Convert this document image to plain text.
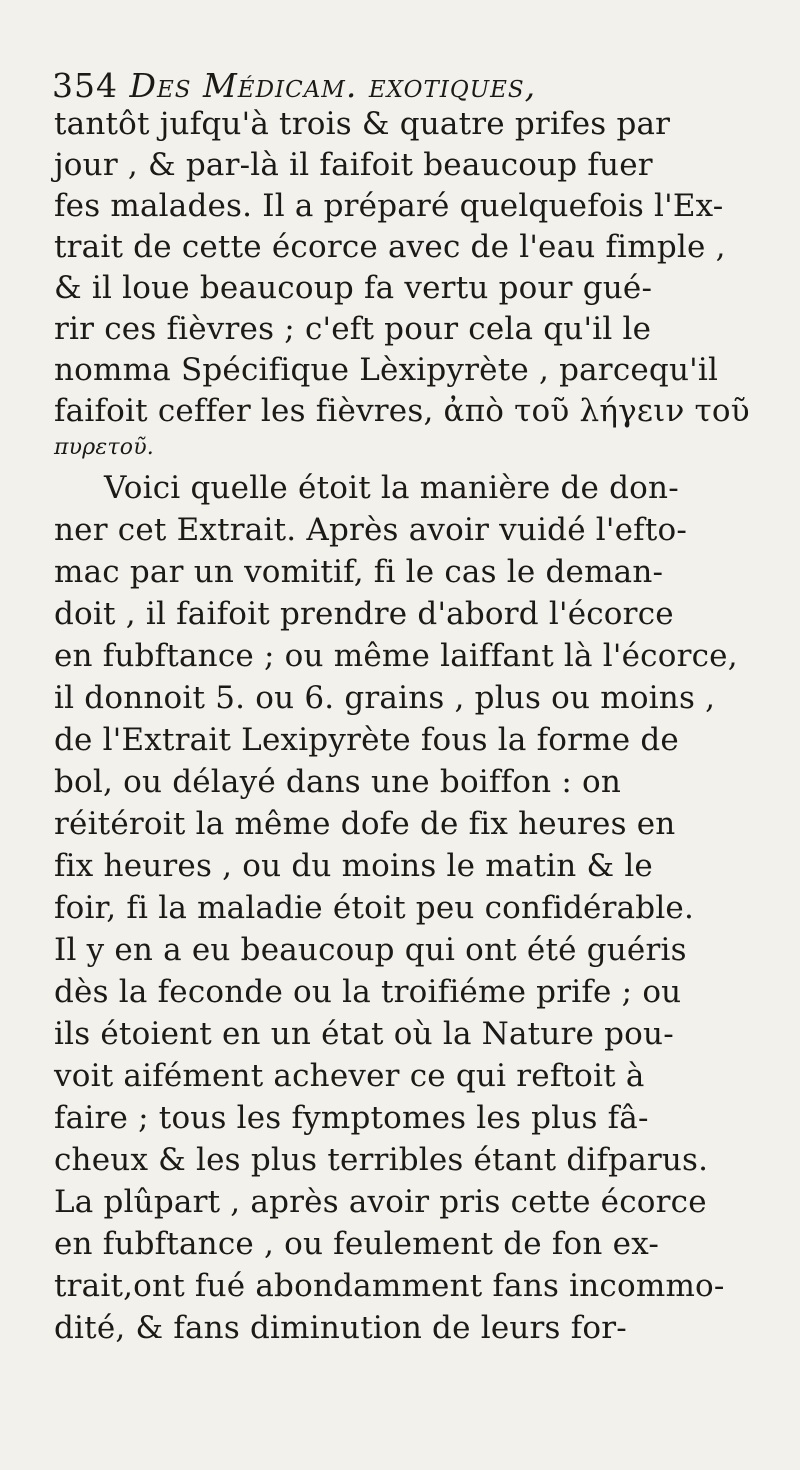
354 Des Médicam. exotiques,
tantôt jufqu'à trois & quatre prifes par
jour , & par-là il faifoit beaucoup fuer
fes malades. Il a préparé quelquefois l'Ex-
trait de cette écorce avec de l'eau fimple ,
& il loue beaucoup fa vertu pour gué-
rir ces fièvres ; c'eft pour cela qu'il le
nomma Spécifique Lèxipyrète , parcequ'il
faifoit ceffer les fièvres, ἀπὸ τοῦ λήγειν τοῦ
πυρετοῦ.
Voici quelle étoit la manière de don-
ner cet Extrait. Après avoir vuidé l'efto-
mac par un vomitif, fi le cas le deman-
doit , il faifoit prendre d'abord l'écorce
en fubftance ; ou même laiffant là l'écorce,
il donnoit 5. ou 6. grains , plus ou moins ,
de l'Extrait Lexipyrète fous la forme de
bol, ou délayé dans une boiffon : on
réitéroit la même dofe de fix heures en
fix heures , ou du moins le matin & le
foir, fi la maladie étoit peu confidérable.
Il y en a eu beaucoup qui ont été guéris
dès la feconde ou la troifiéme prife ; ou
ils étoient en un état où la Nature pou-
voit aifément achever ce qui reftoit à
faire ; tous les fymptomes les plus fâ-
cheux & les plus terribles étant difparus.
La plûpart , après avoir pris cette écorce
en fubftance , ou feulement de fon ex-
trait,ont fué abondamment fans incommo-
dité, & fans diminution de leurs for-
